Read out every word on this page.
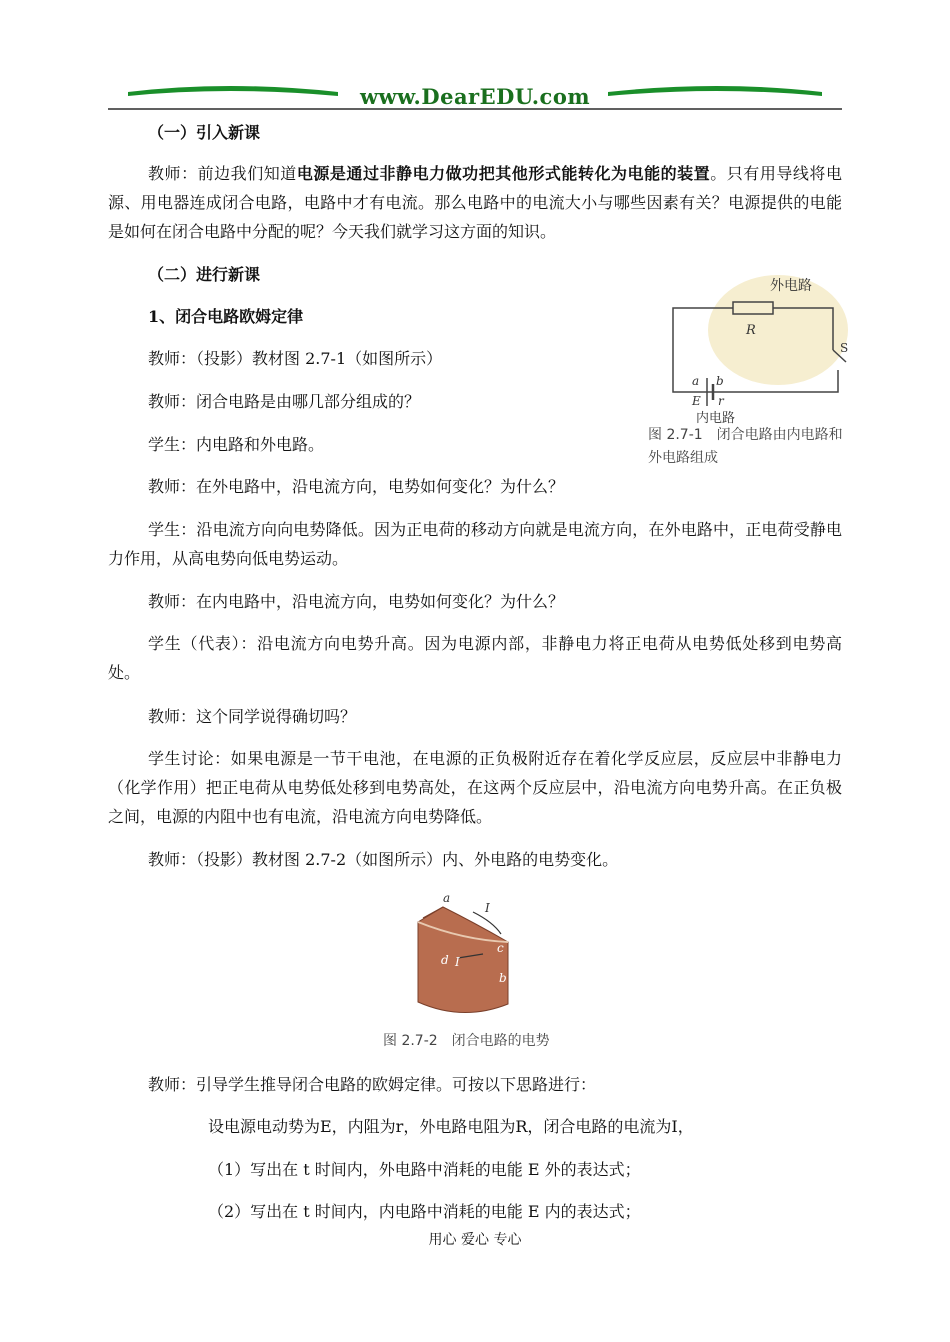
www.DearEDU.com

（一）引入新课

教师：前边我们知道电源是通过非静电力做功把其他形式能转化为电能的装置。只有用导线将电源、用电器连成闭合电路，电路中才有电流。那么电路中的电流大小与哪些因素有关？电源提供的电能是如何在闭合电路中分配的呢？今天我们就学习这方面的知识。

（二）进行新课

1、闭合电路欧姆定律

教师：（投影）教材图 2.7-1（如图所示）

教师：闭合电路是由哪几部分组成的？

学生：内电路和外电路。

教师：在外电路中，沿电流方向，电势如何变化？为什么？

学生：沿电流方向向电势降低。因为正电荷的移动方向就是电流方向，在外电路中，正电荷受静电力作用，从高电势向低电势运动。

教师：在内电路中，沿电流方向，电势如何变化？为什么？

学生（代表）：沿电流方向电势升高。因为电源内部，非静电力将正电荷从电势低处移到电势高处。

教师：这个同学说得确切吗？

学生讨论：如果电源是一节干电池，在电源的正负极附近存在着化学反应层，反应层中非静电力（化学作用）把正电荷从电势低处移到电势高处，在这两个反应层中，沿电流方向电势升高。在正负极之间，电源的内阻中也有电流，沿电流方向电势降低。

教师：（投影）教材图 2.7-2（如图所示）内、外电路的电势变化。

外电路
R
S
a b
E r
内电路
图 2.7-1　闭合电路由内电路和外电路组成
a
I
c
d I
b
图 2.7-2　闭合电路的电势

教师：引导学生推导闭合电路的欧姆定律。可按以下思路进行：

设电源电动势为E，内阻为r，外电路电阻为R，闭合电路的电流为I，

（1）写出在 t 时间内，外电路中消耗的电能 E 外的表达式；

（2）写出在 t 时间内，内电路中消耗的电能 E 内的表达式；

用心 爱心 专心
